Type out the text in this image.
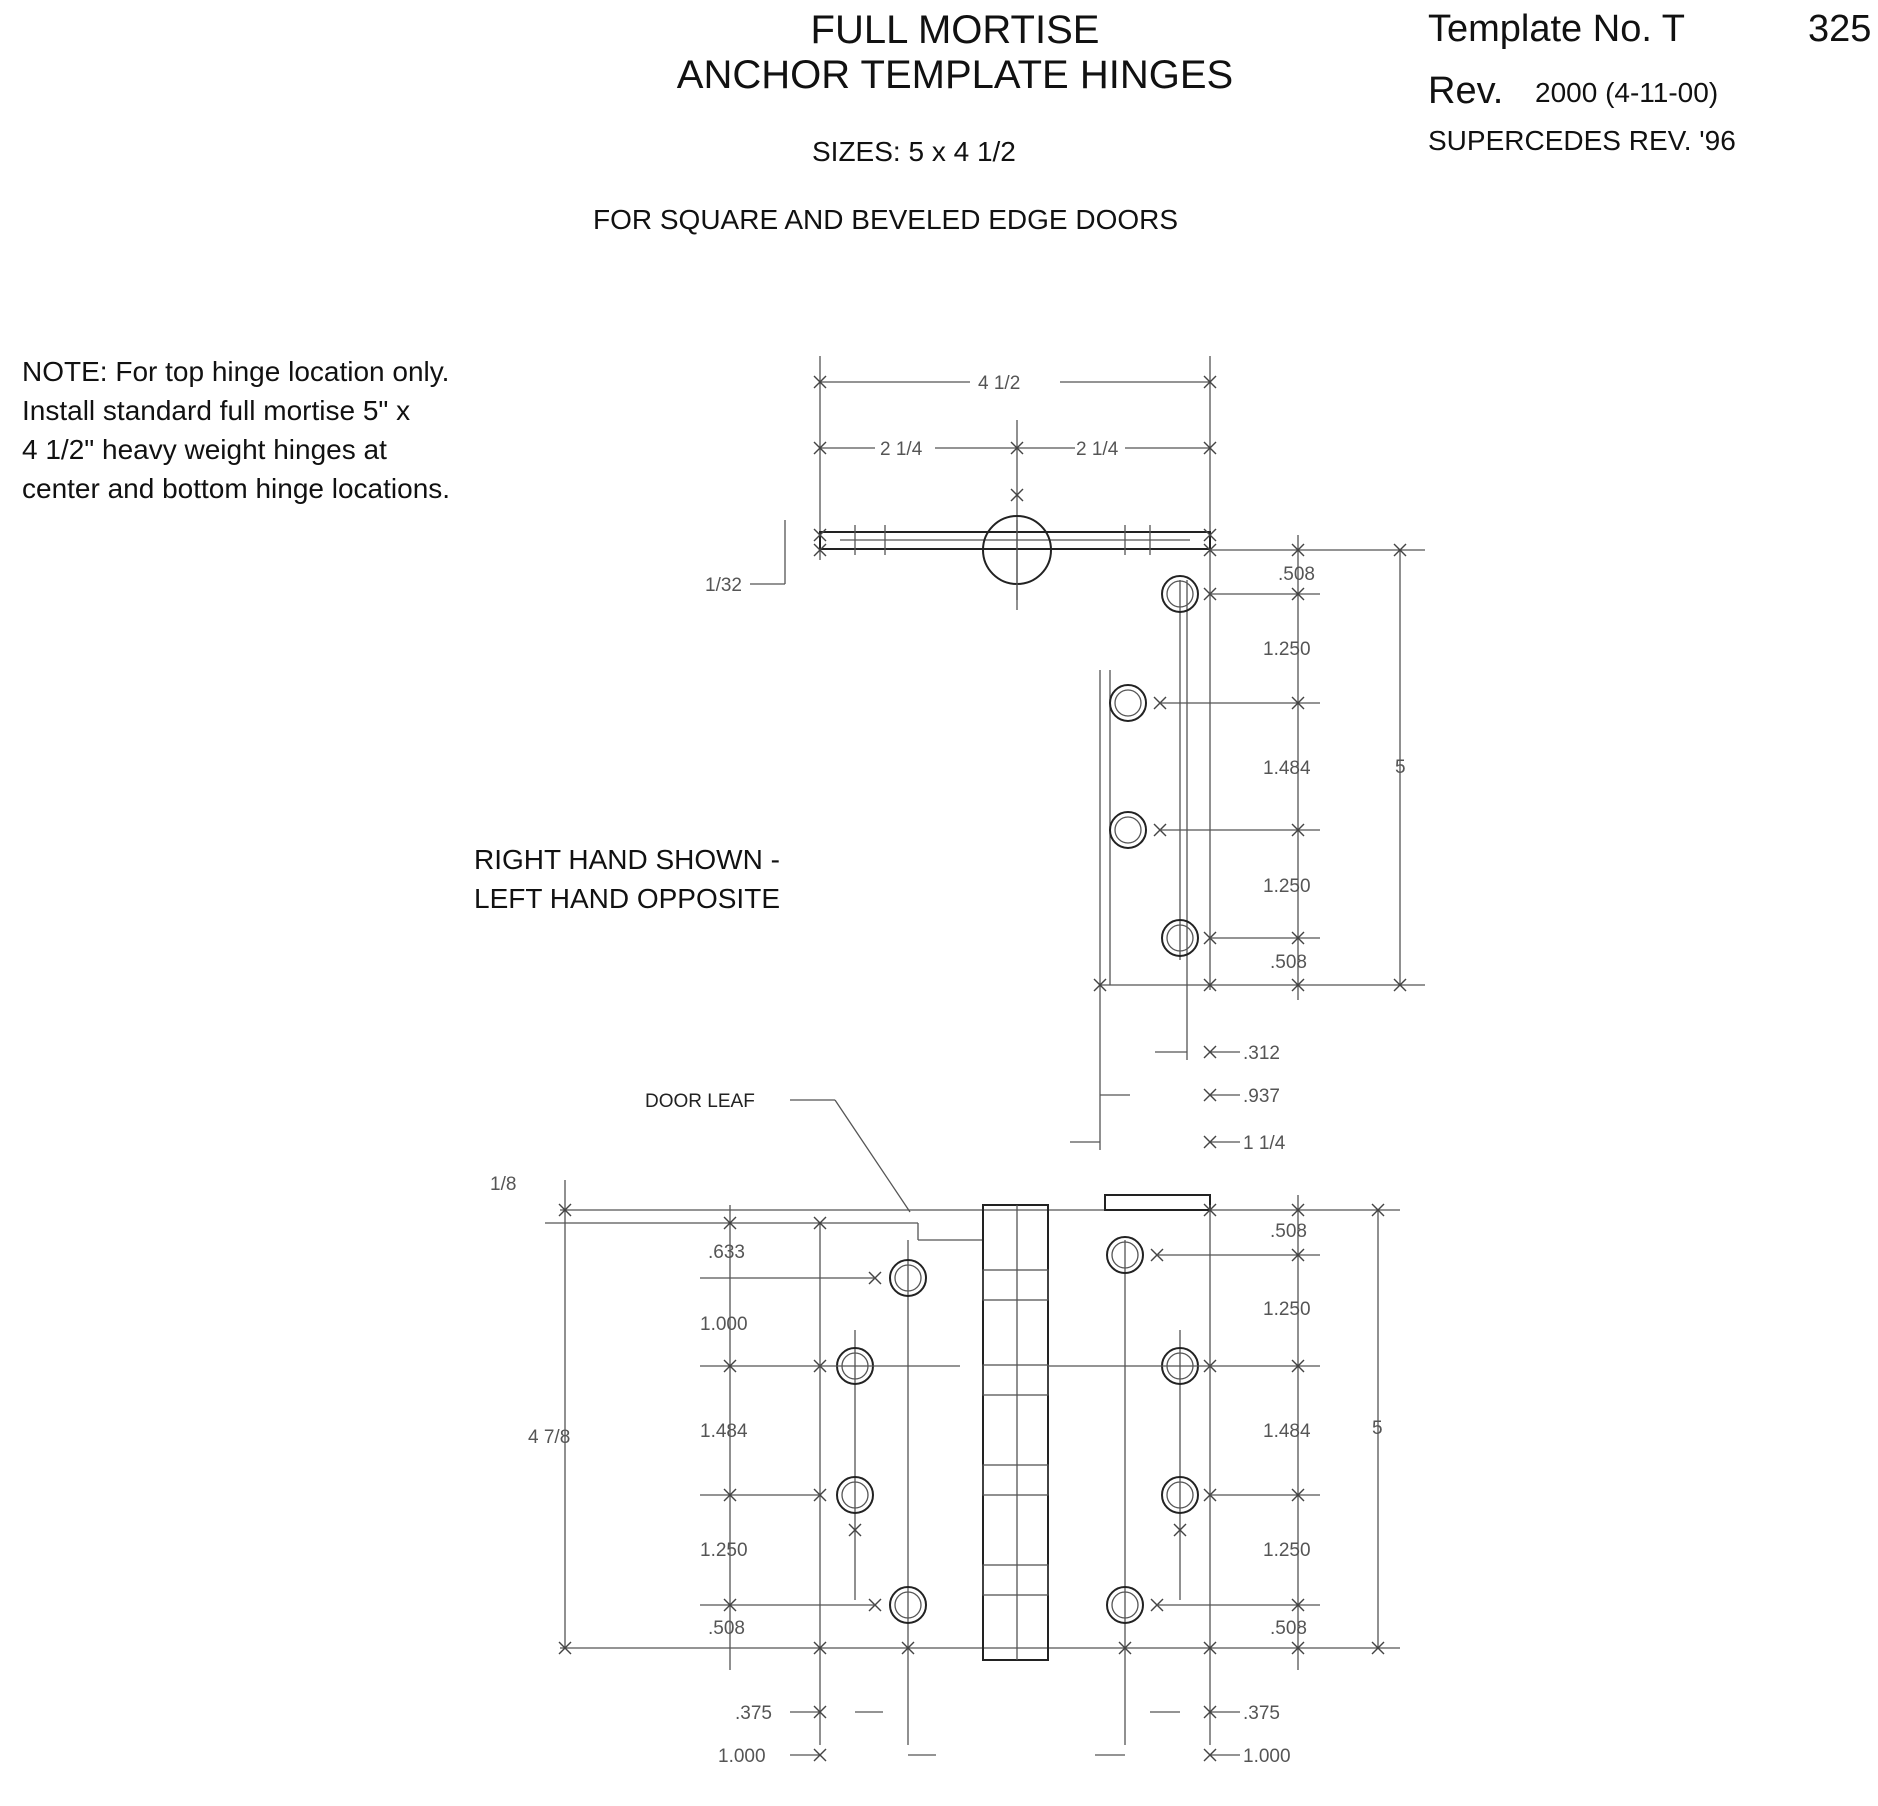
FULL MORTISE
ANCHOR TEMPLATE HINGES
SIZES: 5 x 4 1/2
FOR SQUARE AND BEVELED EDGE DOORS
Template No. T	325
Rev. 2000 (4-11-00)
SUPERCEDES REV. '96
NOTE: For top hinge location only.
Install standard full mortise 5" x
4 1/2" heavy weight hinges at
center and bottom hinge locations.
RIGHT HAND SHOWN -
LEFT HAND OPPOSITE
4 1/2
2 1/4	2 1/4
1/32
.508
1.250
1.484
1.250
.508
5
.312
.937
1 1/4
DOOR LEAF
1/8
4 7/8
.633
1.000
1.484
1.250
.508
.508
1.250
1.484
1.250
.508
5
.375
1.000
.375
1.000
